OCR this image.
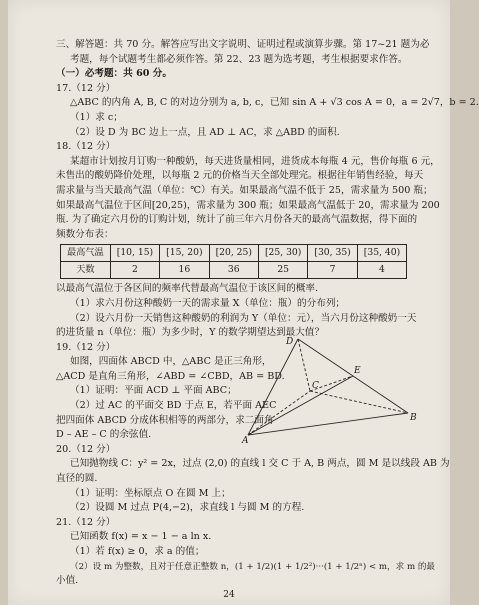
三、解答题：共 70 分。解答应写出文字说明、证明过程或演算步骤。第 17~21 题为必
考题，每个试题考生都必须作答。第 22、23 题为选考题，考生根据要求作答。
（一）必考题：共 60 分。
17.（12 分）
△ABC 的内角 A, B, C 的对边分别为 a, b, c，已知 sin A + √3 cos A = 0，a = 2√7，b = 2.
（1）求 c；
（2）设 D 为 BC 边上一点，且 AD ⊥ AC，求 △ABD 的面积.
18.（12 分）
某超市计划按月订购一种酸奶，每天进货量相同，进货成本每瓶 4 元，售价每瓶 6 元，
未售出的酸奶降价处理，以每瓶 2 元的价格当天全部处理完。根据往年销售经验，每天
需求量与当天最高气温（单位：℃）有关。如果最高气温不低于 25，需求量为 500 瓶；
如果最高气温位于区间[20,25)，需求量为 300 瓶；如果最高气温低于 20，需求量为 200
瓶. 为了确定六月份的订购计划，统计了前三年六月份各天的最高气温数据，得下面的
频数分布表：
最高气温	[10, 15)	[15, 20)	[20, 25)	[25, 30)	[30, 35)	[35, 40)
天数	2	16	36	25	7	4
以最高气温位于各区间的频率代替最高气温位于该区间的概率.
（1）求六月份这种酸奶一天的需求量 X（单位：瓶）的分布列；
（2）设六月份一天销售这种酸奶的利润为 Y（单位：元），当六月份这种酸奶一天
的进货量 n（单位：瓶）为多少时，Y 的数学期望达到最大值？
19.（12 分）
如图，四面体 ABCD 中，△ABC 是正三角形，
△ACD 是直角三角形，∠ABD = ∠CBD，AB = BD.
（1）证明：平面 ACD ⊥ 平面 ABC；
（2）过 AC 的平面交 BD 于点 E，若平面 AEC
把四面体 ABCD 分成体积相等的两部分，求二面角
D – AE – C 的余弦值.
D
A
B
C
E
20.（12 分）
已知抛物线 C：y² = 2x，过点 (2,0) 的直线 l 交 C 于 A, B 两点，圆 M 是以线段 AB 为
直径的圆.
（1）证明：坐标原点 O 在圆 M 上；
（2）设圆 M 过点 P(4,−2)，求直线 l 与圆 M 的方程.
21.（12 分）
已知函数 f(x) = x − 1 − a ln x.
（1）若 f(x) ≥ 0，求 a 的值；
（2）设 m 为整数，且对于任意正整数 n，(1 + 1/2)(1 + 1/2²)···(1 + 1/2ⁿ) < m，求 m 的最
小值.
24
